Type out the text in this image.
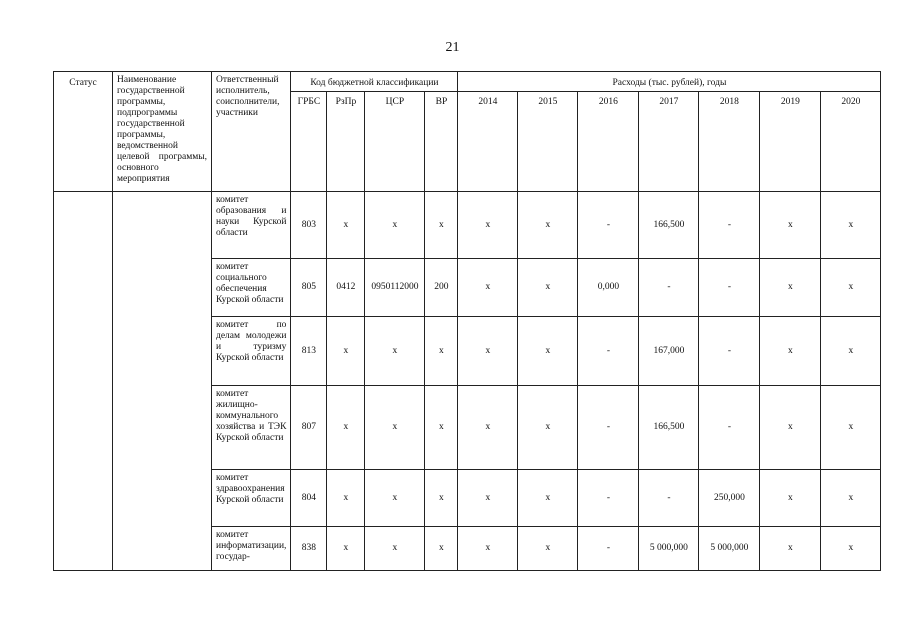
21
Статус	Наименование государственной программы, подпрограммы государственной программы, ведомственной целевой программы, основного мероприятия	Ответственный исполнитель, соисполнители, участники	Код бюджетной классификации				Расходы (тыс. рублей), годы						
			ГРБС	РзПр	ЦСР	ВР	2014	2015	2016	2017	2018	2019	2020

		комитет образования и науки Курской области	803	x	x	x	x	x	-	166,500	-	x	x

		комитет социального обеспечения Курской области	805	0412	0950112000	200	x	x	0,000	-	-	x	x

		комитет по делам молодежи и туризму Курской области	813	x	x	x	x	x	-	167,000	-	x	x

		комитет жилищно-коммунального хозяйства и ТЭК Курской области	807	x	x	x	x	x	-	166,500	-	x	x

		комитет здравоохранения Курской области	804	x	x	x	x	x	-	-	250,000	x	x

		комитет информатизации, государ-	838	x	x	x	x	x	-	5 000,000	5 000,000	x	x
